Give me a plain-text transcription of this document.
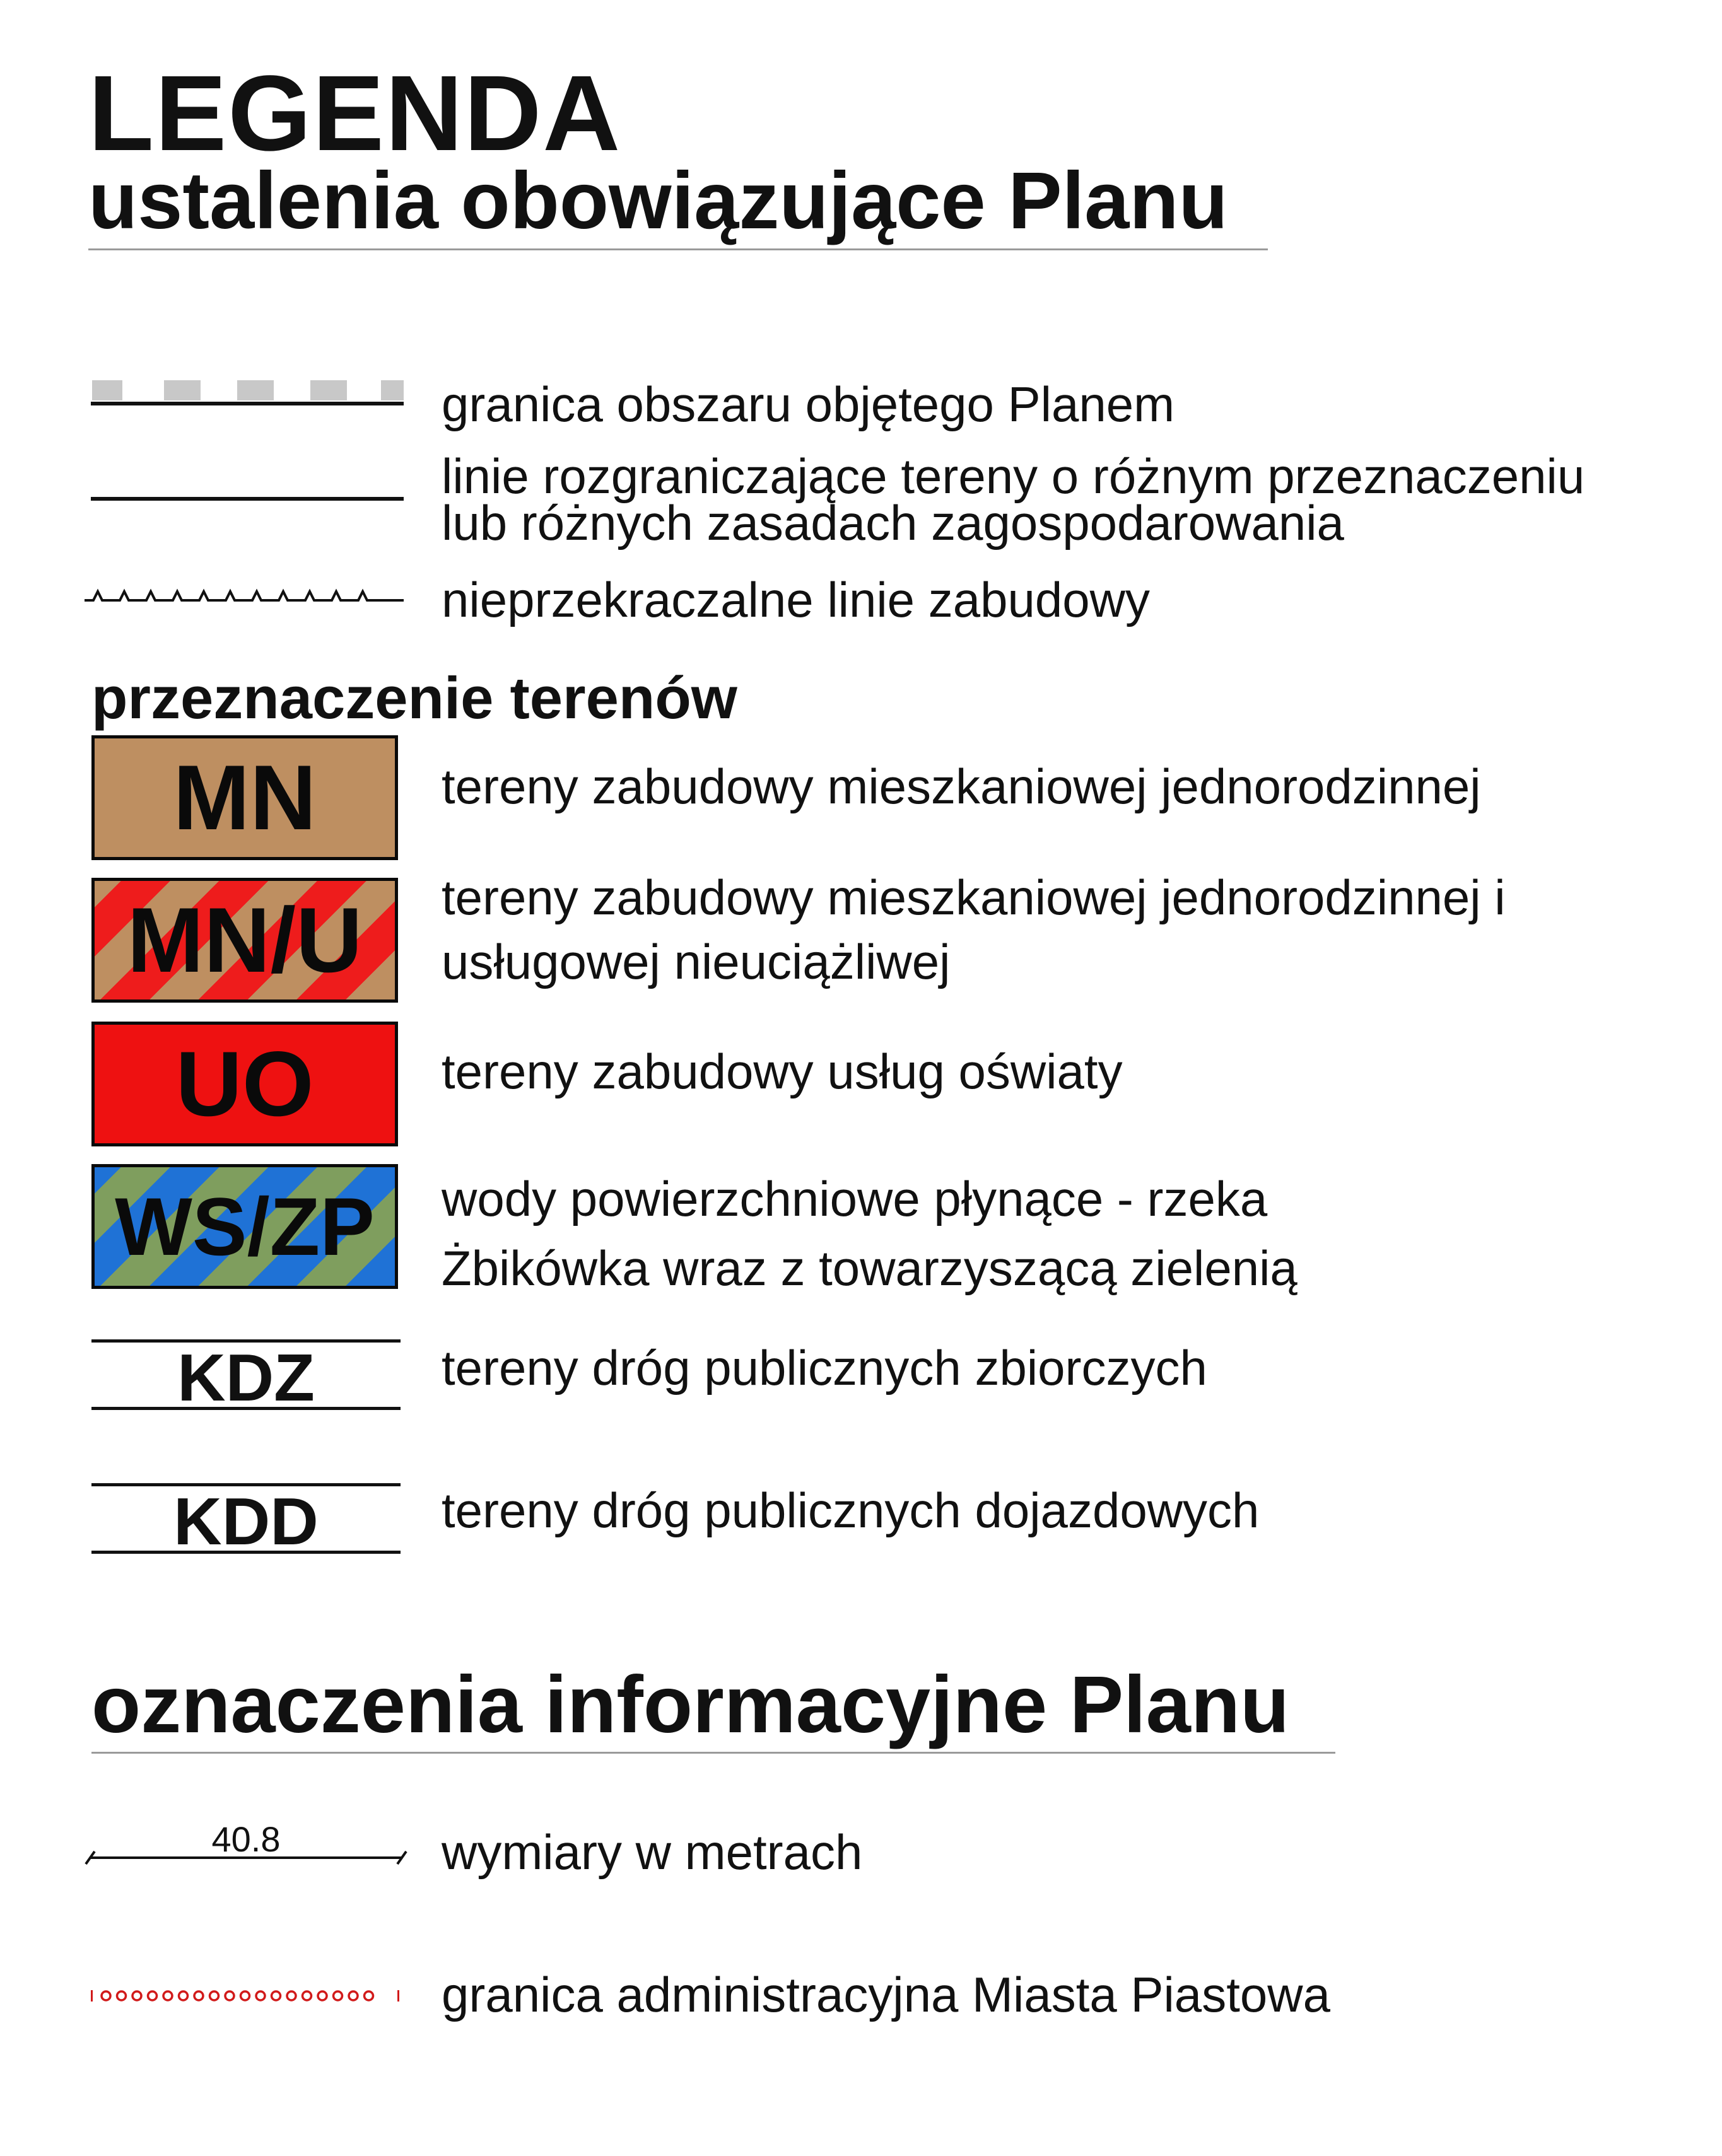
LEGENDA
ustalenia obowiązujące Planu
granica obszaru objętego Planem
linie rozgraniczające tereny o różnym przeznaczeniu
lub różnych zasadach zagospodarowania
nieprzekraczalne linie zabudowy
przeznaczenie terenów
MN	tereny zabudowy mieszkaniowej jednorodzinnej
MN/U tereny zabudowy mieszkaniowej jednorodzinnej i
usługowej nieuciążliwej
UO	tereny zabudowy usług oświaty
WS/ZP wody powierzchniowe płynące - rzeka
Żbikówka wraz z towarzyszącą zielenią
KDZ	tereny dróg publicznych zbiorczych
KDD	tereny dróg publicznych dojazdowych
oznaczenia informacyjne Planu
40.8	wymiary w metrach
granica administracyjna Miasta Piastowa
